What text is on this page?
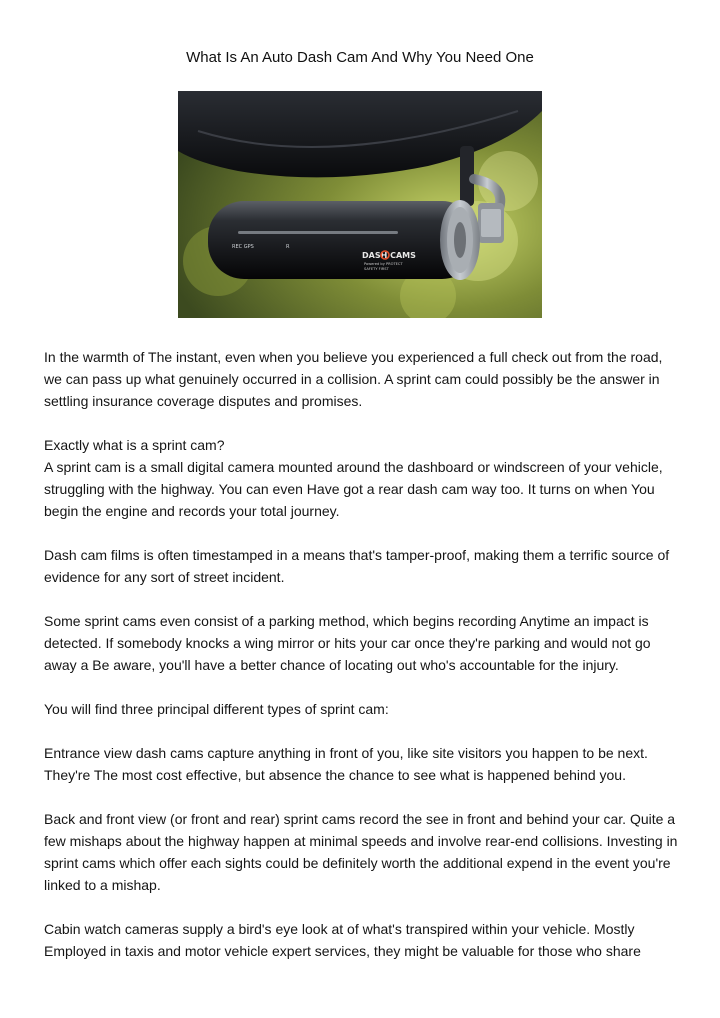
What Is An Auto Dash Cam And Why You Need One
REC GPS	R
DASH CAMS
Powered by PROTECT
SAFETY FIRST

In the warmth of The instant, even when you believe you experienced a full check out from the road, we can pass up what genuinely occurred in a collision. A sprint cam could possibly be the answer in settling insurance coverage disputes and promises.

Exactly what is a sprint cam?
A sprint cam is a small digital camera mounted around the dashboard or windscreen of your vehicle, struggling with the highway. You can even Have got a rear dash cam way too. It turns on when You begin the engine and records your total journey.

Dash cam films is often timestamped in a means that's tamper-proof, making them a terrific source of evidence for any sort of street incident.

Some sprint cams even consist of a parking method, which begins recording Anytime an impact is detected. If somebody knocks a wing mirror or hits your car once they're parking and would not go away a Be aware, you'll have a better chance of locating out who's accountable for the injury.

You will find three principal different types of sprint cam:

Entrance view dash cams capture anything in front of you, like site visitors you happen to be next. They're The most cost effective, but absence the chance to see what is happened behind you.

Back and front view (or front and rear) sprint cams record the see in front and behind your car. Quite a few mishaps about the highway happen at minimal speeds and involve rear-end collisions. Investing in sprint cams which offer each sights could be definitely worth the additional expend in the event you're linked to a mishap.

Cabin watch cameras supply a bird's eye look at of what's transpired within your vehicle. Mostly Employed in taxis and motor vehicle expert services, they might be valuable for those who share
